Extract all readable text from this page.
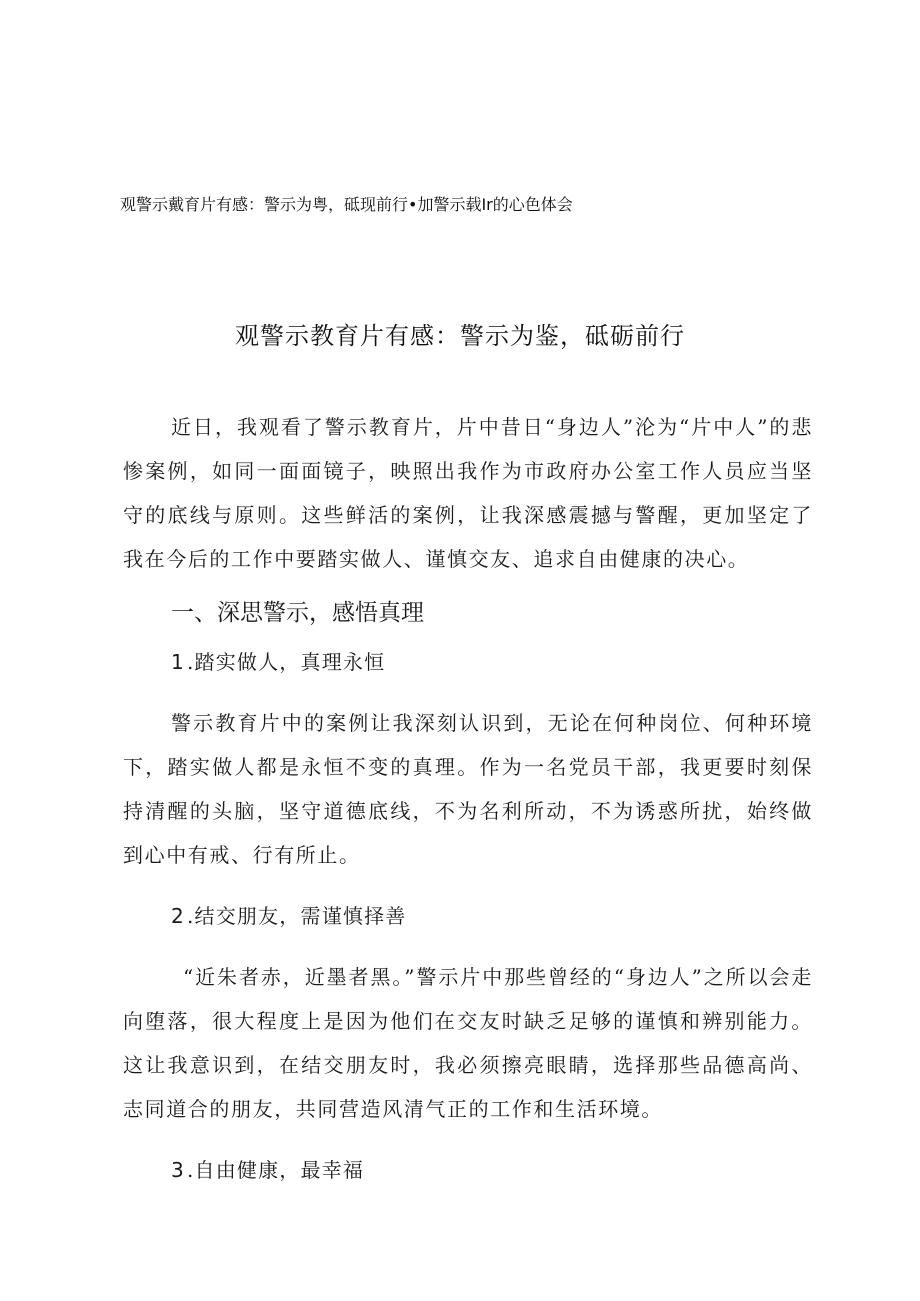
观警示戴育片有感：警示为粤，砥现前行•加警示载Ir的心色体会
观警示教育片有感：警示为鉴，砥砺前行

近日，我观看了警示教育片，片中昔日“身边人”沦为“片中人”的悲惨案例，如同一面面镜子，映照出我作为市政府办公室工作人员应当坚守的底线与原则。这些鲜活的案例，让我深感震撼与警醒，更加坚定了我在今后的工作中要踏实做人、谨慎交友、追求自由健康的决心。

一、深思警示，感悟真理
1 .踏实做人，真理永恒

警示教育片中的案例让我深刻认识到，无论在何种岗位、何种环境下，踏实做人都是永恒不变的真理。作为一名党员干部，我更要时刻保持清醒的头脑，坚守道德底线，不为名利所动，不为诱惑所扰，始终做到心中有戒、行有所止。

2 .结交朋友，需谨慎择善

“近朱者赤，近墨者黑。”警示片中那些曾经的“身边人”之所以会走向堕落，很大程度上是因为他们在交友时缺乏足够的谨慎和辨别能力。这让我意识到，在结交朋友时，我必须擦亮眼睛，选择那些品德高尚、志同道合的朋友，共同营造风清气正的工作和生活环境。

3 .自由健康，最幸福
